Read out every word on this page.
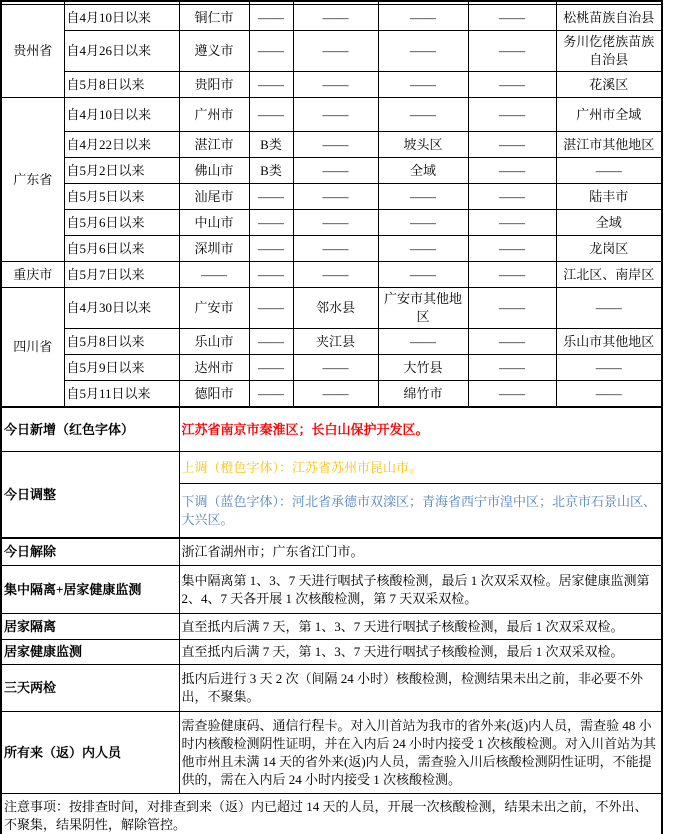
贵州省	自4月10日以来	铜仁市	——	——	——	——	松桃苗族自治县
	自4月26日以来	遵义市	——	——	——	——	务川仡佬族苗族自治县
	自5月8日以来	贵阳市	——	——	——	——	花溪区
广东省	自4月10日以来	广州市	——	——	——	——	广州市全域
	自4月22日以来	湛江市	B类	——	坡头区	——	湛江市其他地区
	自5月2日以来	佛山市	B类	——	全域	——	——
	自5月5日以来	汕尾市	——	——	——	——	陆丰市
	自5月6日以来	中山市	——	——	——	——	全域
	自5月6日以来	深圳市	——	——	——	——	龙岗区
重庆市	自5月7日以来	——	——	——	——	——	江北区、南岸区
四川省	自4月30日以来	广安市	——	邻水县	广安市其他地区	——	——
	自5月8日以来	乐山市	——	夹江县	——	——	乐山市其他地区
	自5月9日以来	达州市	——	——	大竹县	——	——
	自5月11日以来	德阳市	——	——	绵竹市	——	——
今日新增（红色字体）		江苏省南京市秦淮区；长白山保护开发区。					
今日调整		上调（橙色字体）：江苏省苏州市昆山市。					
		下调（蓝色字体）：河北省承德市双滦区；青海省西宁市湟中区；北京市石景山区、大兴区。					
今日解除		浙江省湖州市；广东省江门市。					
集中隔离+居家健康监测		集中隔离第 1、3、7 天进行咽拭子核酸检测，最后 1 次双采双检。居家健康监测第 2、4、7 天各开展 1 次核酸检测，第 7 天双采双检。					
居家隔离		直至抵内后满 7 天，第 1、3、7 天进行咽拭子核酸检测，最后 1 次双采双检。					
居家健康监测		直至抵内后满 7 天，第 1、3、7 天进行咽拭子核酸检测，最后 1 次双采双检。					
三天两检		抵内后进行 3 天 2 次（间隔 24 小时）核酸检测，检测结果未出之前，非必要不外出，不聚集。					
所有来（返）内人员		需查验健康码、通信行程卡。对入川首站为我市的省外来(返)内人员，需查验 48 小时内核酸检测阴性证明，并在入内后 24 小时内接受 1 次核酸检测。对入川首站为其他市州且未满 14 天的省外来(返)内人员，需查验入川后核酸检测阴性证明，不能提供的，需在入内后 24 小时内接受 1 次核酸检测。					
注意事项：按排查时间，对排查到来（返）内已超过 14 天的人员，开展一次核酸检测，结果未出之前，不外出、不聚集，结果阴性，解除管控。							
